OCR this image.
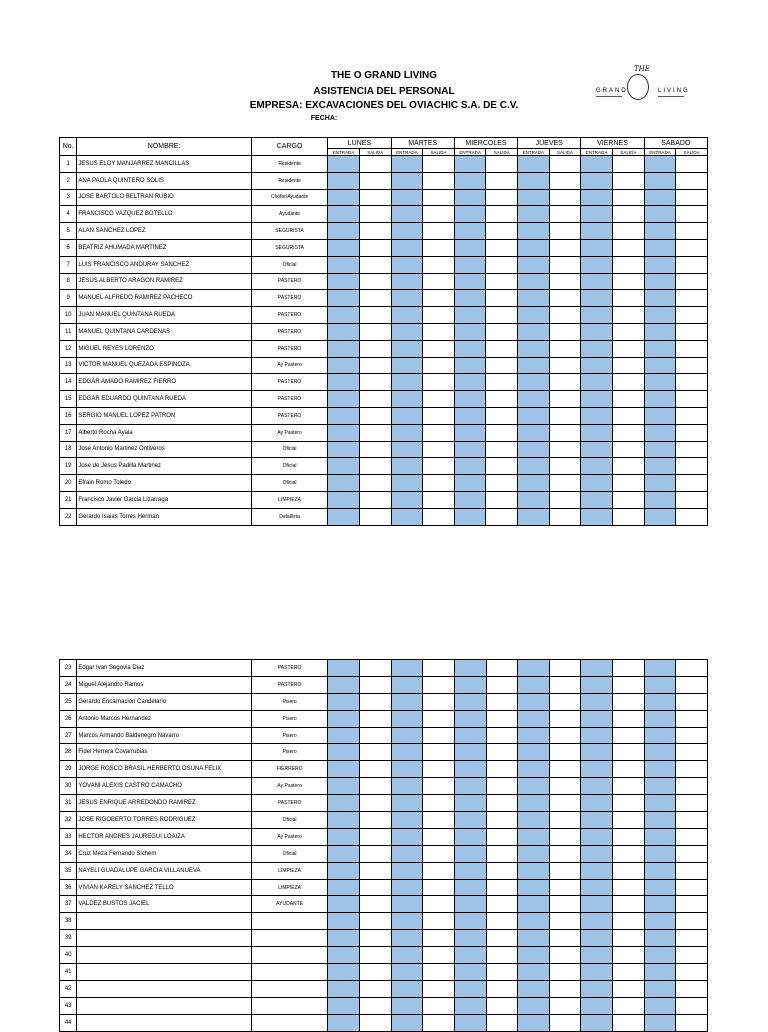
THE O GRAND LIVING
ASISTENCIA DEL PERSONAL
EMPRESA: EXCAVACIONES DEL OVIACHIC S.A. DE C.V.
FECHA:
THE
GRAND	LIVING
No.	NOMBRE:	CARGO	LUNES		MARTES		MIERCOLES		JUEVES		VIERNES		SABADO	
			ENTRADA	SALIDA	ENTRADA	SALIDA	ENTRADA	SALIDA	ENTRADA	SALIDA	ENTRADA	SALIDA	ENTRADA	SALIDA
1	JESUS ELOY MANJARREZ MANCILLAS	Residente												
2	ANA PAOLA QUINTERO SOLIS	Residente												
3	JOSE BARTOLO BELTRAN RUBIO	Chofer/Ayudante												
4	FRANCISCO VAZQUEZ BOTELLO	Ayudante												
5	ALAN SANCHEZ LOPEZ	SEGURISTA												
6	BEATRIZ AHUMADA MARTINEZ	SEGURISTA												
7	LUIS FRANCISCO ANDURAY SANCHEZ	Oficial												
8	JESUS ALBERTO ARAGON RAMIREZ	PASTERO												
9	MANUEL ALFREDO RAMIREZ PACHECO	PASTERO												
10	JUAN MANUEL QUINTANA RUEDA	PASTERO												
11	MANUEL QUINTANA CARDENAS	PASTERO												
12	MIGUEL REYES LORENZO	PASTERO												
13	VICTOR MANUEL QUEZADA ESPINOZA	Ay Pastero												
14	EDGAR AMADO RAMIREZ FIERRO	PASTERO												
15	EDGAR EDUARDO QUINTANA RUEDA	PASTERO												
16	SERGIO MANUEL LOPEZ PATRON	PASTERO												
17	Alberto Rocha Ayala	Ay Pastero												
18	Jose Antonio Martinez Ontiveros	Oficial												
19	Jose de Jesus Padilla Martinez	Oficial												
20	Efrain Romo Toledo	Oficial												
21	Francisco Javier Garcia Lizarraga	LIMPIEZA												
22	Gerardo Isaias Torres Herman	Detallista												
23	Edgar Ivan Segovia Diaz	PASTERO												
24	Miguel Alejandro Ramos	PASTERO												
25	Gerardo Encarnacion Candelario	Pisero												
26	Antonio Marcos Hernandez	Pisero												
27	Marcos Armando Baldenegro Navarro	Pisero												
28	Fidel Herrera Covarrubias	Pisero												
29	JORGE ROSCO BRASIL HERBERTO OSUNA FELIX	FIERRERO												
30	YOVANI ALEXIS CASTRO CAMACHO	Ay Pastero												
31	JESUS ENRIQUE ARREDONDO RAMIREZ	PASTERO												
32	JOSE RIGOBERTO TORRES RODRIGUEZ	Oficial												
33	HECTOR ANDRES JAUREGUI LOAIZA	Ay Pastero												
34	Cruz Meza Fernando Sichem	Oficial												
35	NAYELI GUADALUPE GARCIA VILLANUEVA	LIMPIEZA												
36	VIVIAN KARELY SANCHEZ TELLO	LIMPIEZA												
37	VALDEZ BUSTOS JACIEL	AYUDANTE												
38														
39														
40														
41														
42														
43														
44														
